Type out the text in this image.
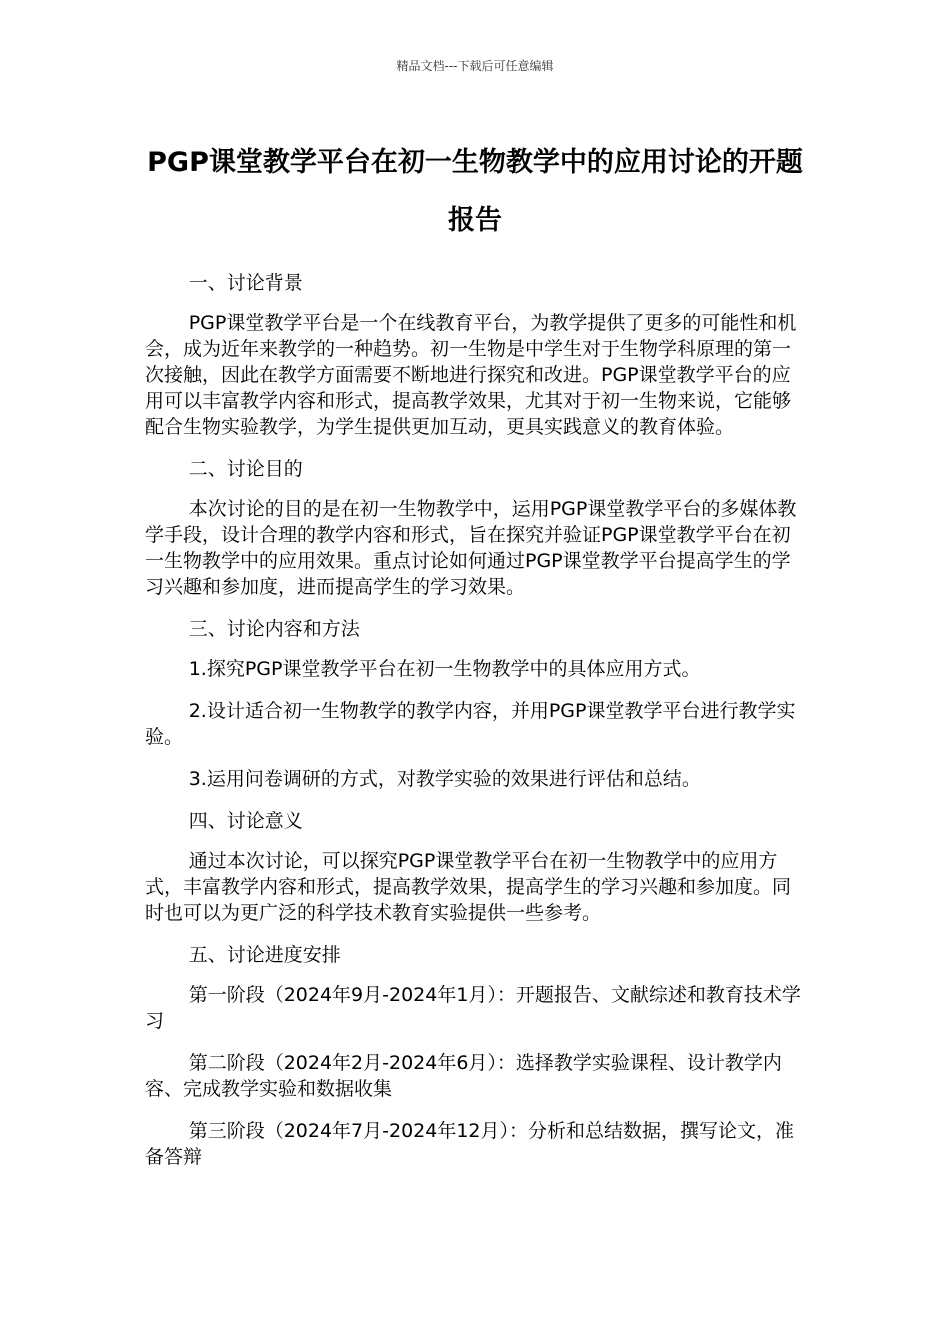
精品文档---下载后可任意编辑
PGP课堂教学平台在初一生物教学中的应用讨论的开题报告

一、讨论背景

PGP课堂教学平台是一个在线教育平台，为教学提供了更多的可能性和机会，成为近年来教学的一种趋势。初一生物是中学生对于生物学科原理的第一次接触，因此在教学方面需要不断地进行探究和改进。PGP课堂教学平台的应用可以丰富教学内容和形式，提高教学效果，尤其对于初一生物来说，它能够配合生物实验教学，为学生提供更加互动，更具实践意义的教育体验。

二、讨论目的

本次讨论的目的是在初一生物教学中，运用PGP课堂教学平台的多媒体教学手段，设计合理的教学内容和形式，旨在探究并验证PGP课堂教学平台在初一生物教学中的应用效果。重点讨论如何通过PGP课堂教学平台提高学生的学习兴趣和参加度，进而提高学生的学习效果。

三、讨论内容和方法

1.探究PGP课堂教学平台在初一生物教学中的具体应用方式。

2.设计适合初一生物教学的教学内容，并用PGP课堂教学平台进行教学实验。

3.运用问卷调研的方式，对教学实验的效果进行评估和总结。

四、讨论意义

通过本次讨论，可以探究PGP课堂教学平台在初一生物教学中的应用方式，丰富教学内容和形式，提高教学效果，提高学生的学习兴趣和参加度。同时也可以为更广泛的科学技术教育实验提供一些参考。

五、讨论进度安排

第一阶段（2024年9月-2024年1月）：开题报告、文献综述和教育技术学习

第二阶段（2024年2月-2024年6月）：选择教学实验课程、设计教学内容、完成教学实验和数据收集

第三阶段（2024年7月-2024年12月）：分析和总结数据，撰写论文，准备答辩
